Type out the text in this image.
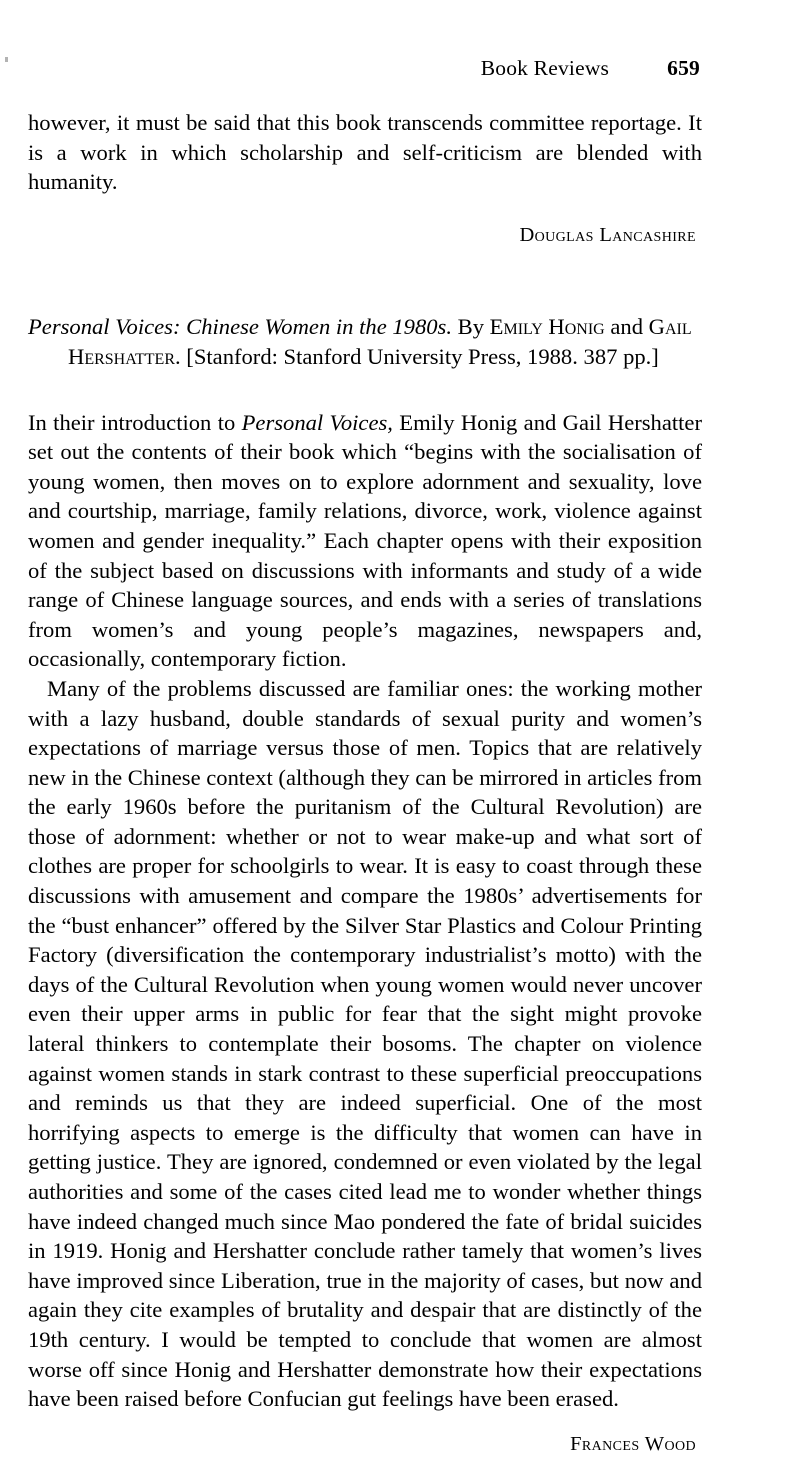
Book Reviews	659

however, it must be said that this book transcends committee reportage. It is a work in which scholarship and self-criticism are blended with humanity.

Douglas Lancashire

Personal Voices: Chinese Women in the 1980s. By Emily Honig and Gail Hershatter. [Stanford: Stanford University Press, 1988. 387 pp.]

In their introduction to Personal Voices, Emily Honig and Gail Hershatter set out the contents of their book which “begins with the socialisation of young women, then moves on to explore adornment and sexuality, love and courtship, marriage, family relations, divorce, work, violence against women and gender inequality.” Each chapter opens with their exposition of the subject based on discussions with informants and study of a wide range of Chinese language sources, and ends with a series of translations from women’s and young people’s magazines, newspapers and, occasionally, contemporary fiction.

Many of the problems discussed are familiar ones: the working mother with a lazy husband, double standards of sexual purity and women’s expectations of marriage versus those of men. Topics that are relatively new in the Chinese context (although they can be mirrored in articles from the early 1960s before the puritanism of the Cultural Revolution) are those of adornment: whether or not to wear make-up and what sort of clothes are proper for schoolgirls to wear. It is easy to coast through these discussions with amusement and compare the 1980s’ advertisements for the “bust enhancer” offered by the Silver Star Plastics and Colour Printing Factory (diversification the contemporary industrialist’s motto) with the days of the Cultural Revolution when young women would never uncover even their upper arms in public for fear that the sight might provoke lateral thinkers to contemplate their bosoms. The chapter on violence against women stands in stark contrast to these superficial preoccupations and reminds us that they are indeed superficial. One of the most horrifying aspects to emerge is the difficulty that women can have in getting justice. They are ignored, condemned or even violated by the legal authorities and some of the cases cited lead me to wonder whether things have indeed changed much since Mao pondered the fate of bridal suicides in 1919. Honig and Hershatter conclude rather tamely that women’s lives have improved since Liberation, true in the majority of cases, but now and again they cite examples of brutality and despair that are distinctly of the 19th century. I would be tempted to conclude that women are almost worse off since Honig and Hershatter demonstrate how their expectations have been raised before Confucian gut feelings have been erased.

Frances Wood
